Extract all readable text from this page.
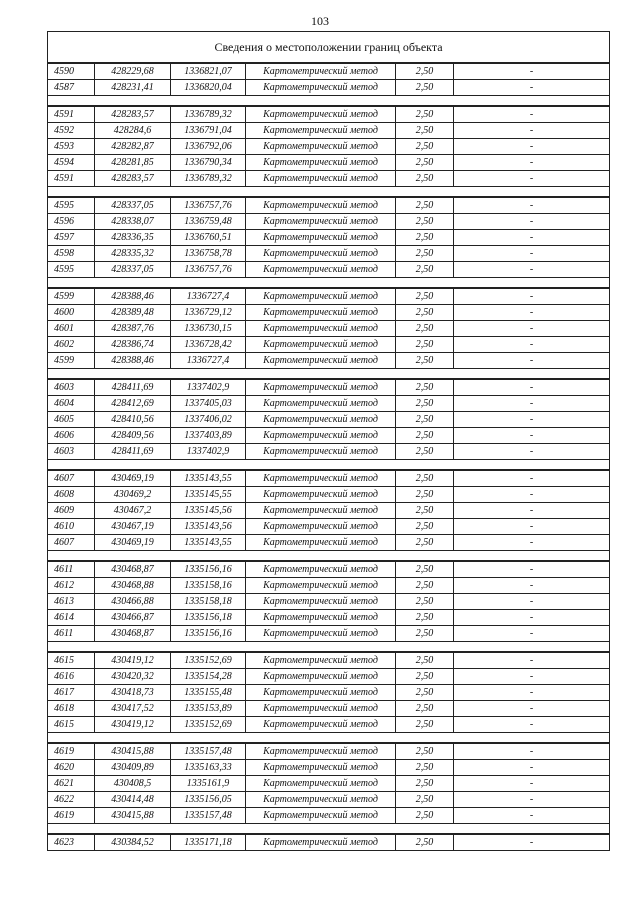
103
Сведения о местоположении границ объекта					
4590	428229,68	1336821,07	Картометрический метод	2,50	-
4587	428231,41	1336820,04	Картометрический метод	2,50	-

4591	428283,57	1336789,32	Картометрический метод	2,50	-
4592	428284,6	1336791,04	Картометрический метод	2,50	-
4593	428282,87	1336792,06	Картометрический метод	2,50	-
4594	428281,85	1336790,34	Картометрический метод	2,50	-
4591	428283,57	1336789,32	Картометрический метод	2,50	-

4595	428337,05	1336757,76	Картометрический метод	2,50	-
4596	428338,07	1336759,48	Картометрический метод	2,50	-
4597	428336,35	1336760,51	Картометрический метод	2,50	-
4598	428335,32	1336758,78	Картометрический метод	2,50	-
4595	428337,05	1336757,76	Картометрический метод	2,50	-

4599	428388,46	1336727,4	Картометрический метод	2,50	-
4600	428389,48	1336729,12	Картометрический метод	2,50	-
4601	428387,76	1336730,15	Картометрический метод	2,50	-
4602	428386,74	1336728,42	Картометрический метод	2,50	-
4599	428388,46	1336727,4	Картометрический метод	2,50	-

4603	428411,69	1337402,9	Картометрический метод	2,50	-
4604	428412,69	1337405,03	Картометрический метод	2,50	-
4605	428410,56	1337406,02	Картометрический метод	2,50	-
4606	428409,56	1337403,89	Картометрический метод	2,50	-
4603	428411,69	1337402,9	Картометрический метод	2,50	-

4607	430469,19	1335143,55	Картометрический метод	2,50	-
4608	430469,2	1335145,55	Картометрический метод	2,50	-
4609	430467,2	1335145,56	Картометрический метод	2,50	-
4610	430467,19	1335143,56	Картометрический метод	2,50	-
4607	430469,19	1335143,55	Картометрический метод	2,50	-

4611	430468,87	1335156,16	Картометрический метод	2,50	-
4612	430468,88	1335158,16	Картометрический метод	2,50	-
4613	430466,88	1335158,18	Картометрический метод	2,50	-
4614	430466,87	1335156,18	Картометрический метод	2,50	-
4611	430468,87	1335156,16	Картометрический метод	2,50	-

4615	430419,12	1335152,69	Картометрический метод	2,50	-
4616	430420,32	1335154,28	Картометрический метод	2,50	-
4617	430418,73	1335155,48	Картометрический метод	2,50	-
4618	430417,52	1335153,89	Картометрический метод	2,50	-
4615	430419,12	1335152,69	Картометрический метод	2,50	-

4619	430415,88	1335157,48	Картометрический метод	2,50	-
4620	430409,89	1335163,33	Картометрический метод	2,50	-
4621	430408,5	1335161,9	Картометрический метод	2,50	-
4622	430414,48	1335156,05	Картометрический метод	2,50	-
4619	430415,88	1335157,48	Картометрический метод	2,50	-

4623	430384,52	1335171,18	Картометрический метод	2,50	-
